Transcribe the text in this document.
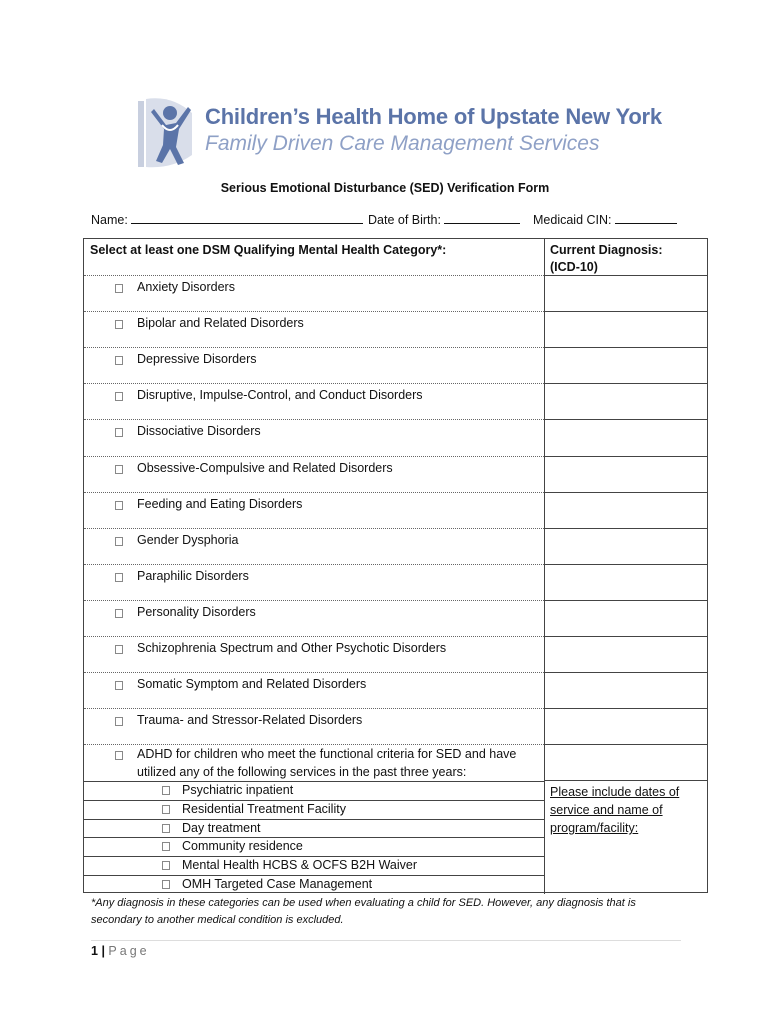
Children’s Health Home of Upstate New York
Family Driven Care Management Services
Serious Emotional Disturbance (SED) Verification Form
Name:	Date of Birth:	Medicaid CIN:
Select at least one DSM Qualifying Mental Health Category*:	Current Diagnosis:
(ICD-10)
Anxiety Disorders
Bipolar and Related Disorders
Depressive Disorders
Disruptive, Impulse-Control, and Conduct Disorders
Dissociative Disorders
Obsessive-Compulsive and Related Disorders
Feeding and Eating Disorders
Gender Dysphoria
Paraphilic Disorders
Personality Disorders
Schizophrenia Spectrum and Other Psychotic Disorders
Somatic Symptom and Related Disorders
Trauma- and Stressor-Related Disorders
ADHD for children who meet the functional criteria for SED and have
utilized any of the following services in the past three years:
Psychiatric inpatient
Residential Treatment Facility
Day treatment
Community residence
Mental Health HCBS & OCFS B2H Waiver
OMH Targeted Case Management
Please include dates of
service and name of
program/facility:
*Any diagnosis in these categories can be used when evaluating a child for SED. However, any diagnosis that is secondary to another medical condition is excluded.
1 | Page
